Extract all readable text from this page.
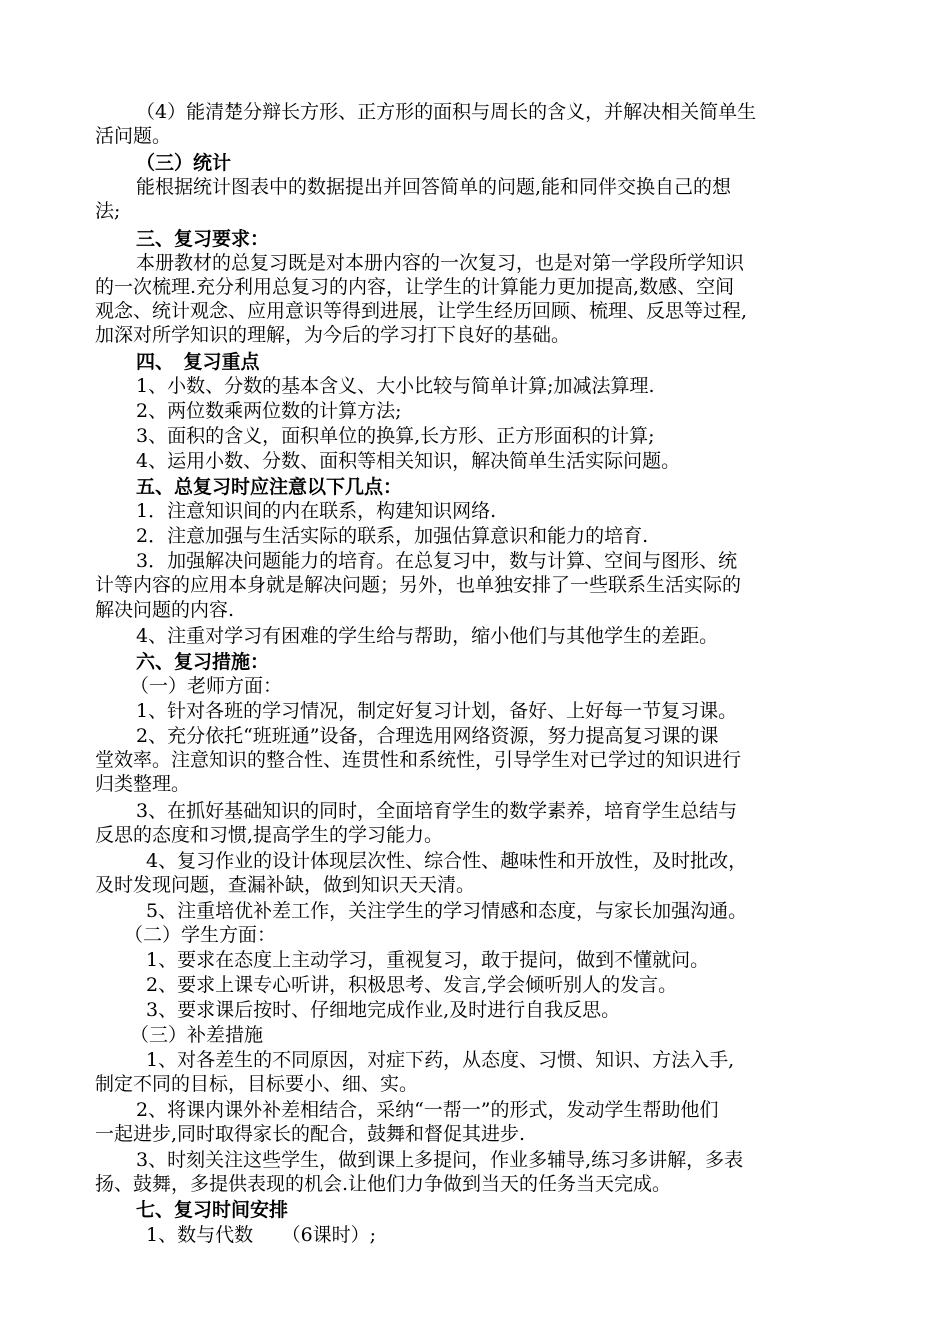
（4）能清楚分辩长方形、正方形的面积与周长的含义，并解决相关简单生
活问题。
（三）统计
能根据统计图表中的数据提出并回答简单的问题,能和同伴交换自己的想
法;
三、复习要求：
本册教材的总复习既是对本册内容的一次复习，也是对第一学段所学知识
的一次梳理.充分利用总复习的内容，让学生的计算能力更加提高,数感、空间
观念、统计观念、应用意识等得到进展，让学生经历回顾、梳理、反思等过程,
加深对所学知识的理解，为今后的学习打下良好的基础。
四、　复习重点
1、小数、分数的基本含义、大小比较与简单计算;加减法算理.
2、两位数乘两位数的计算方法;
3、面积的含义，面积单位的换算,长方形、正方形面积的计算;
4、运用小数、分数、面积等相关知识，解决简单生活实际问题。
五、总复习时应注意以下几点：
1．注意知识间的内在联系，构建知识网络.
2．注意加强与生活实际的联系，加强估算意识和能力的培育.
3．加强解决问题能力的培育。在总复习中，数与计算、空间与图形、统
计等内容的应用本身就是解决问题；另外，也单独安排了一些联系生活实际的
解决问题的内容.
4、注重对学习有困难的学生给与帮助，缩小他们与其他学生的差距。
六、复习措施：
（一）老师方面：
1、针对各班的学习情况，制定好复习计划，备好、上好每一节复习课。
2、充分依托“班班通”设备，合理选用网络资源，努力提高复习课的课
堂效率。注意知识的整合性、连贯性和系统性，引导学生对已学过的知识进行
归类整理。
3、在抓好基础知识的同时，全面培育学生的数学素养，培育学生总结与
反思的态度和习惯,提高学生的学习能力。
4、复习作业的设计体现层次性、综合性、趣味性和开放性，及时批改，
及时发现问题，查漏补缺，做到知识天天清。
5、注重培优补差工作，关注学生的学习情感和态度，与家长加强沟通。
（二）学生方面：
1、要求在态度上主动学习，重视复习，敢于提问，做到不懂就问。
2、要求上课专心听讲，积极思考、发言,学会倾听别人的发言。
3、要求课后按时、仔细地完成作业,及时进行自我反思。
（三）补差措施
1、对各差生的不同原因，对症下药，从态度、习惯、知识、方法入手,
制定不同的目标，目标要小、细、实。
2、将课内课外补差相结合，采纳“一帮一”的形式，发动学生帮助他们
一起进步,同时取得家长的配合，鼓舞和督促其进步.
3、时刻关注这些学生，做到课上多提问，作业多辅导,练习多讲解，多表
扬、鼓舞，多提供表现的机会.让他们力争做到当天的任务当天完成。
七、复习时间安排
1、数与代数　　（6课时）;
